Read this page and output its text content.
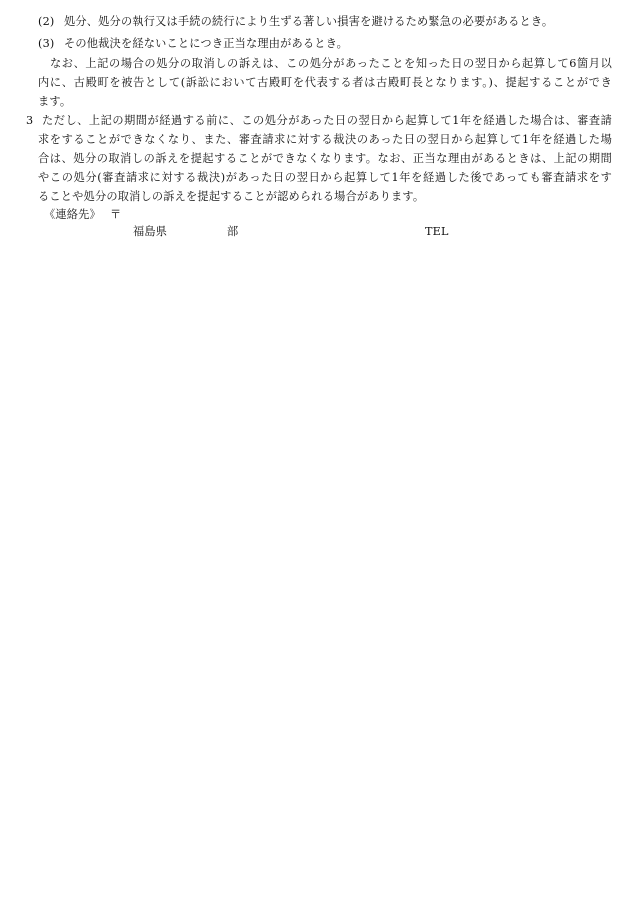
(2) 処分、処分の執行又は手続の続行により生ずる著しい損害を避けるため緊急の必要があるとき。
(3) その他裁決を経ないことにつき正当な理由があるとき。
なお、上記の場合の処分の取消しの訴えは、この処分があったことを知った日の翌日から起算して6箇月以
内に、古殿町を被告として(訴訟において古殿町を代表する者は古殿町長となります。)、提起することができ
ます。
3 ただし、上記の期間が経過する前に、この処分があった日の翌日から起算して1年を経過した場合は、審査請
求をすることができなくなり、また、審査請求に対する裁決のあった日の翌日から起算して1年を経過した場
合は、処分の取消しの訴えを提起することができなくなります。なお、正当な理由があるときは、上記の期間
やこの処分(審査請求に対する裁決)があった日の翌日から起算して1年を経過した後であっても審査請求をす
ることや処分の取消しの訴えを提起することが認められる場合があります。
《連絡先》 〒
福島県	部	TEL
